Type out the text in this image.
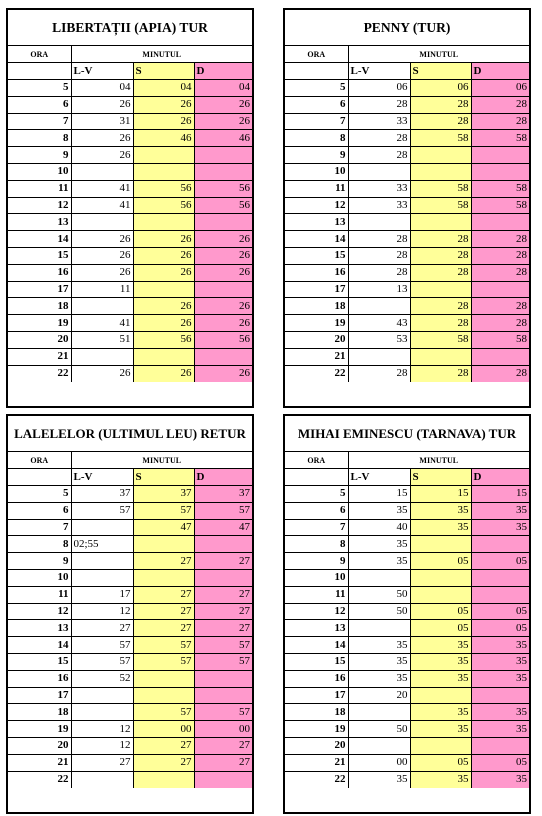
LIBERTAȚII (APIA) TUR
ORA	MINUTUL		
	L-V	S	D
5	04	04	04
6	26	26	26
7	31	26	26
8	26	46	46
9	26		
10			
11	41	56	56
12	41	56	56
13			
14	26	26	26
15	26	26	26
16	26	26	26
17	11		
18		26	26
19	41	26	26
20	51	56	56
21			
22	26	26	26
PENNY (TUR)
ORA	MINUTUL		
	L-V	S	D
5	06	06	06
6	28	28	28
7	33	28	28
8	28	58	58
9	28		
10			
11	33	58	58
12	33	58	58
13			
14	28	28	28
15	28	28	28
16	28	28	28
17	13		
18		28	28
19	43	28	28
20	53	58	58
21			
22	28	28	28
LALELELOR (ULTIMUL LEU) RETUR
ORA	MINUTUL		
	L-V	S	D
5	37	37	37
6	57	57	57
7		47	47
8	02;55		
9		27	27
10			
11	17	27	27
12	12	27	27
13	27	27	27
14	57	57	57
15	57	57	57
16	52		
17			
18		57	57
19	12	00	00
20	12	27	27
21	27	27	27
22			
MIHAI EMINESCU (TARNAVA) TUR
ORA	MINUTUL		
	L-V	S	D
5	15	15	15
6	35	35	35
7	40	35	35
8	35		
9	35	05	05
10			
11	50		
12	50	05	05
13		05	05
14	35	35	35
15	35	35	35
16	35	35	35
17	20		
18		35	35
19	50	35	35
20			
21	00	05	05
22	35	35	35
